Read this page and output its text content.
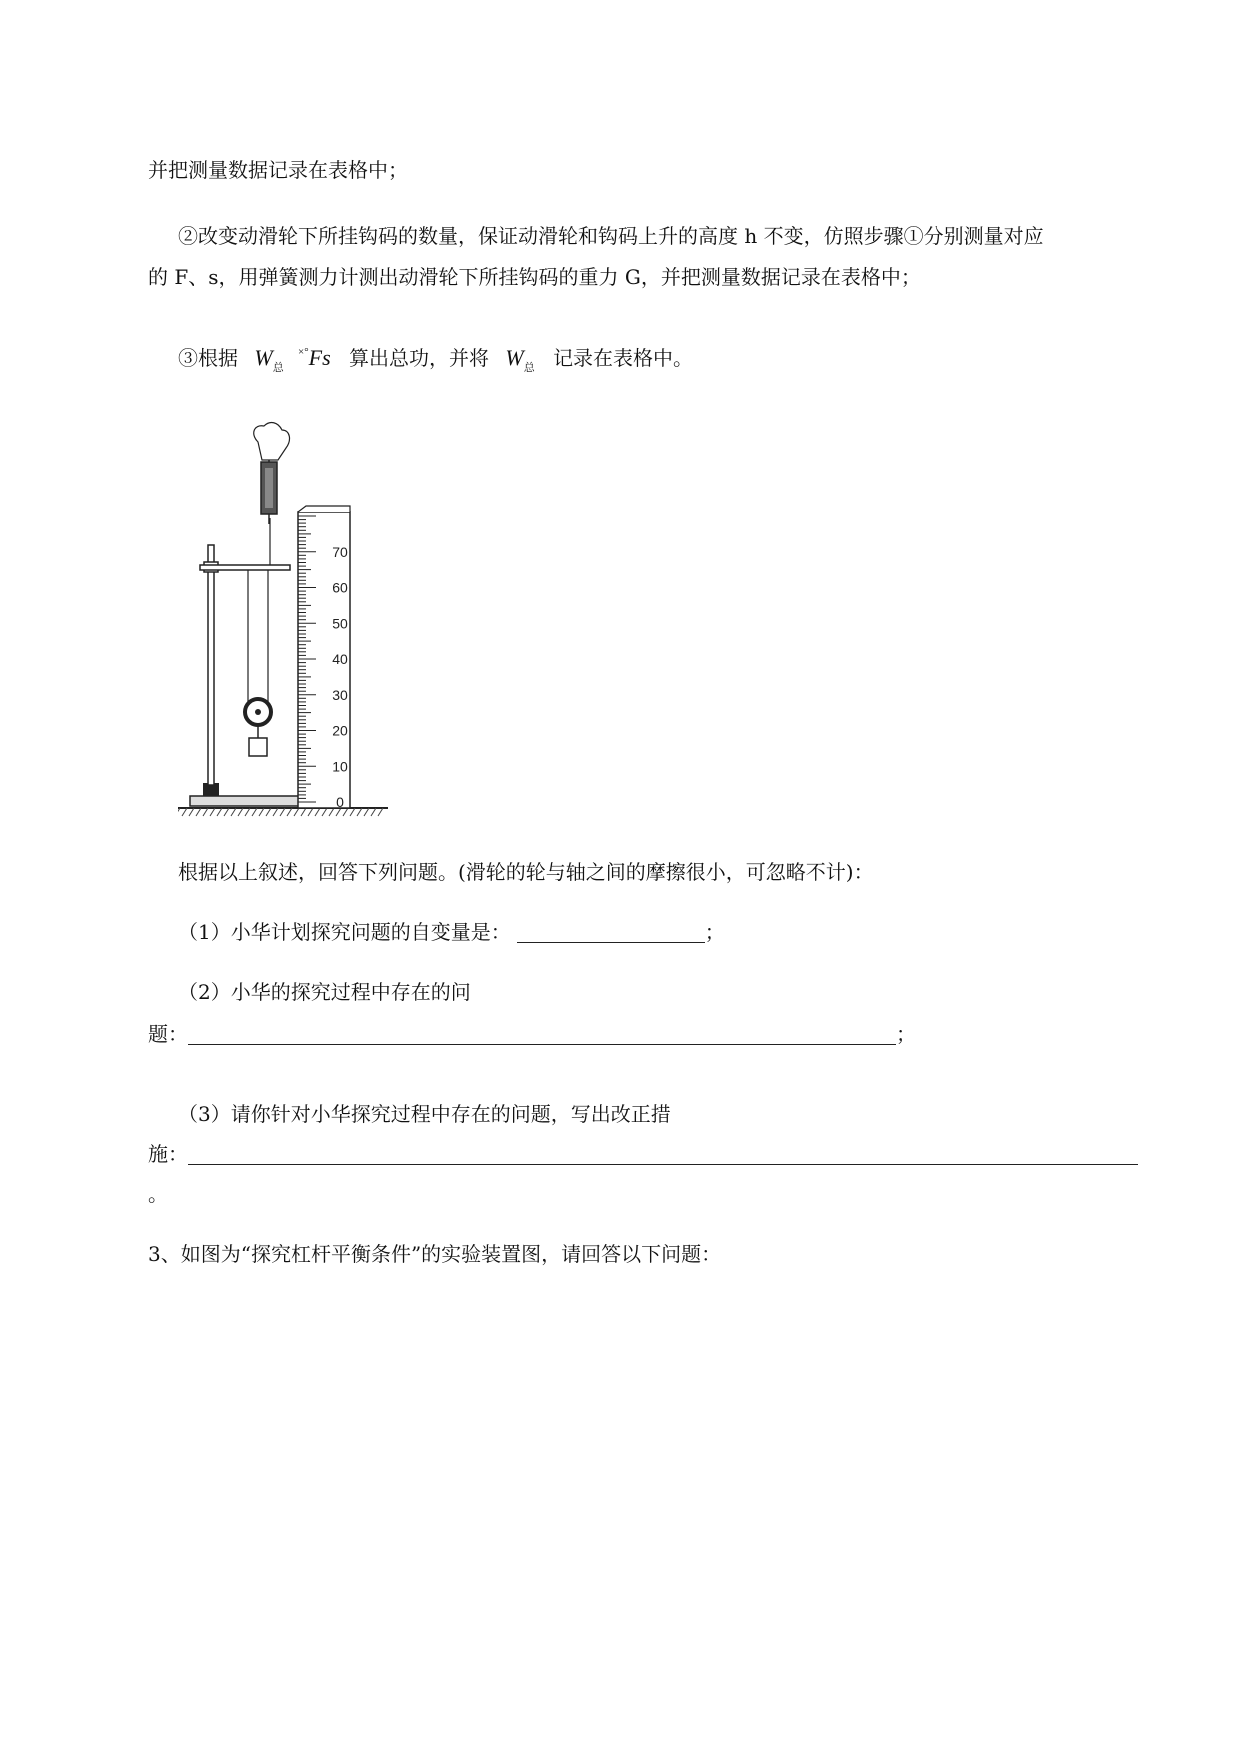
并把测量数据记录在表格中；
②改变动滑轮下所挂钩码的数量，保证动滑轮和钩码上升的高度 h 不变，仿照步骤①分别测量对应
的 F、s，用弹簧测力计测出动滑轮下所挂钩码的重力 G，并把测量数据记录在表格中；
③根据 $W_总$ ×°Fs 算出总功，并将 $W_总$ 记录在表格中。
70
60
50
40
30
20
10
0
根据以上叙述，回答下列问题。(滑轮的轮与轴之间的摩擦很小，可忽略不计)：
（1）小华计划探究问题的自变量是：	；
（2）小华的探究过程中存在的问
题：	；
（3）请你针对小华探究过程中存在的问题，写出改正措
施：
。
3、如图为“探究杠杆平衡条件”的实验装置图，请回答以下问题：
